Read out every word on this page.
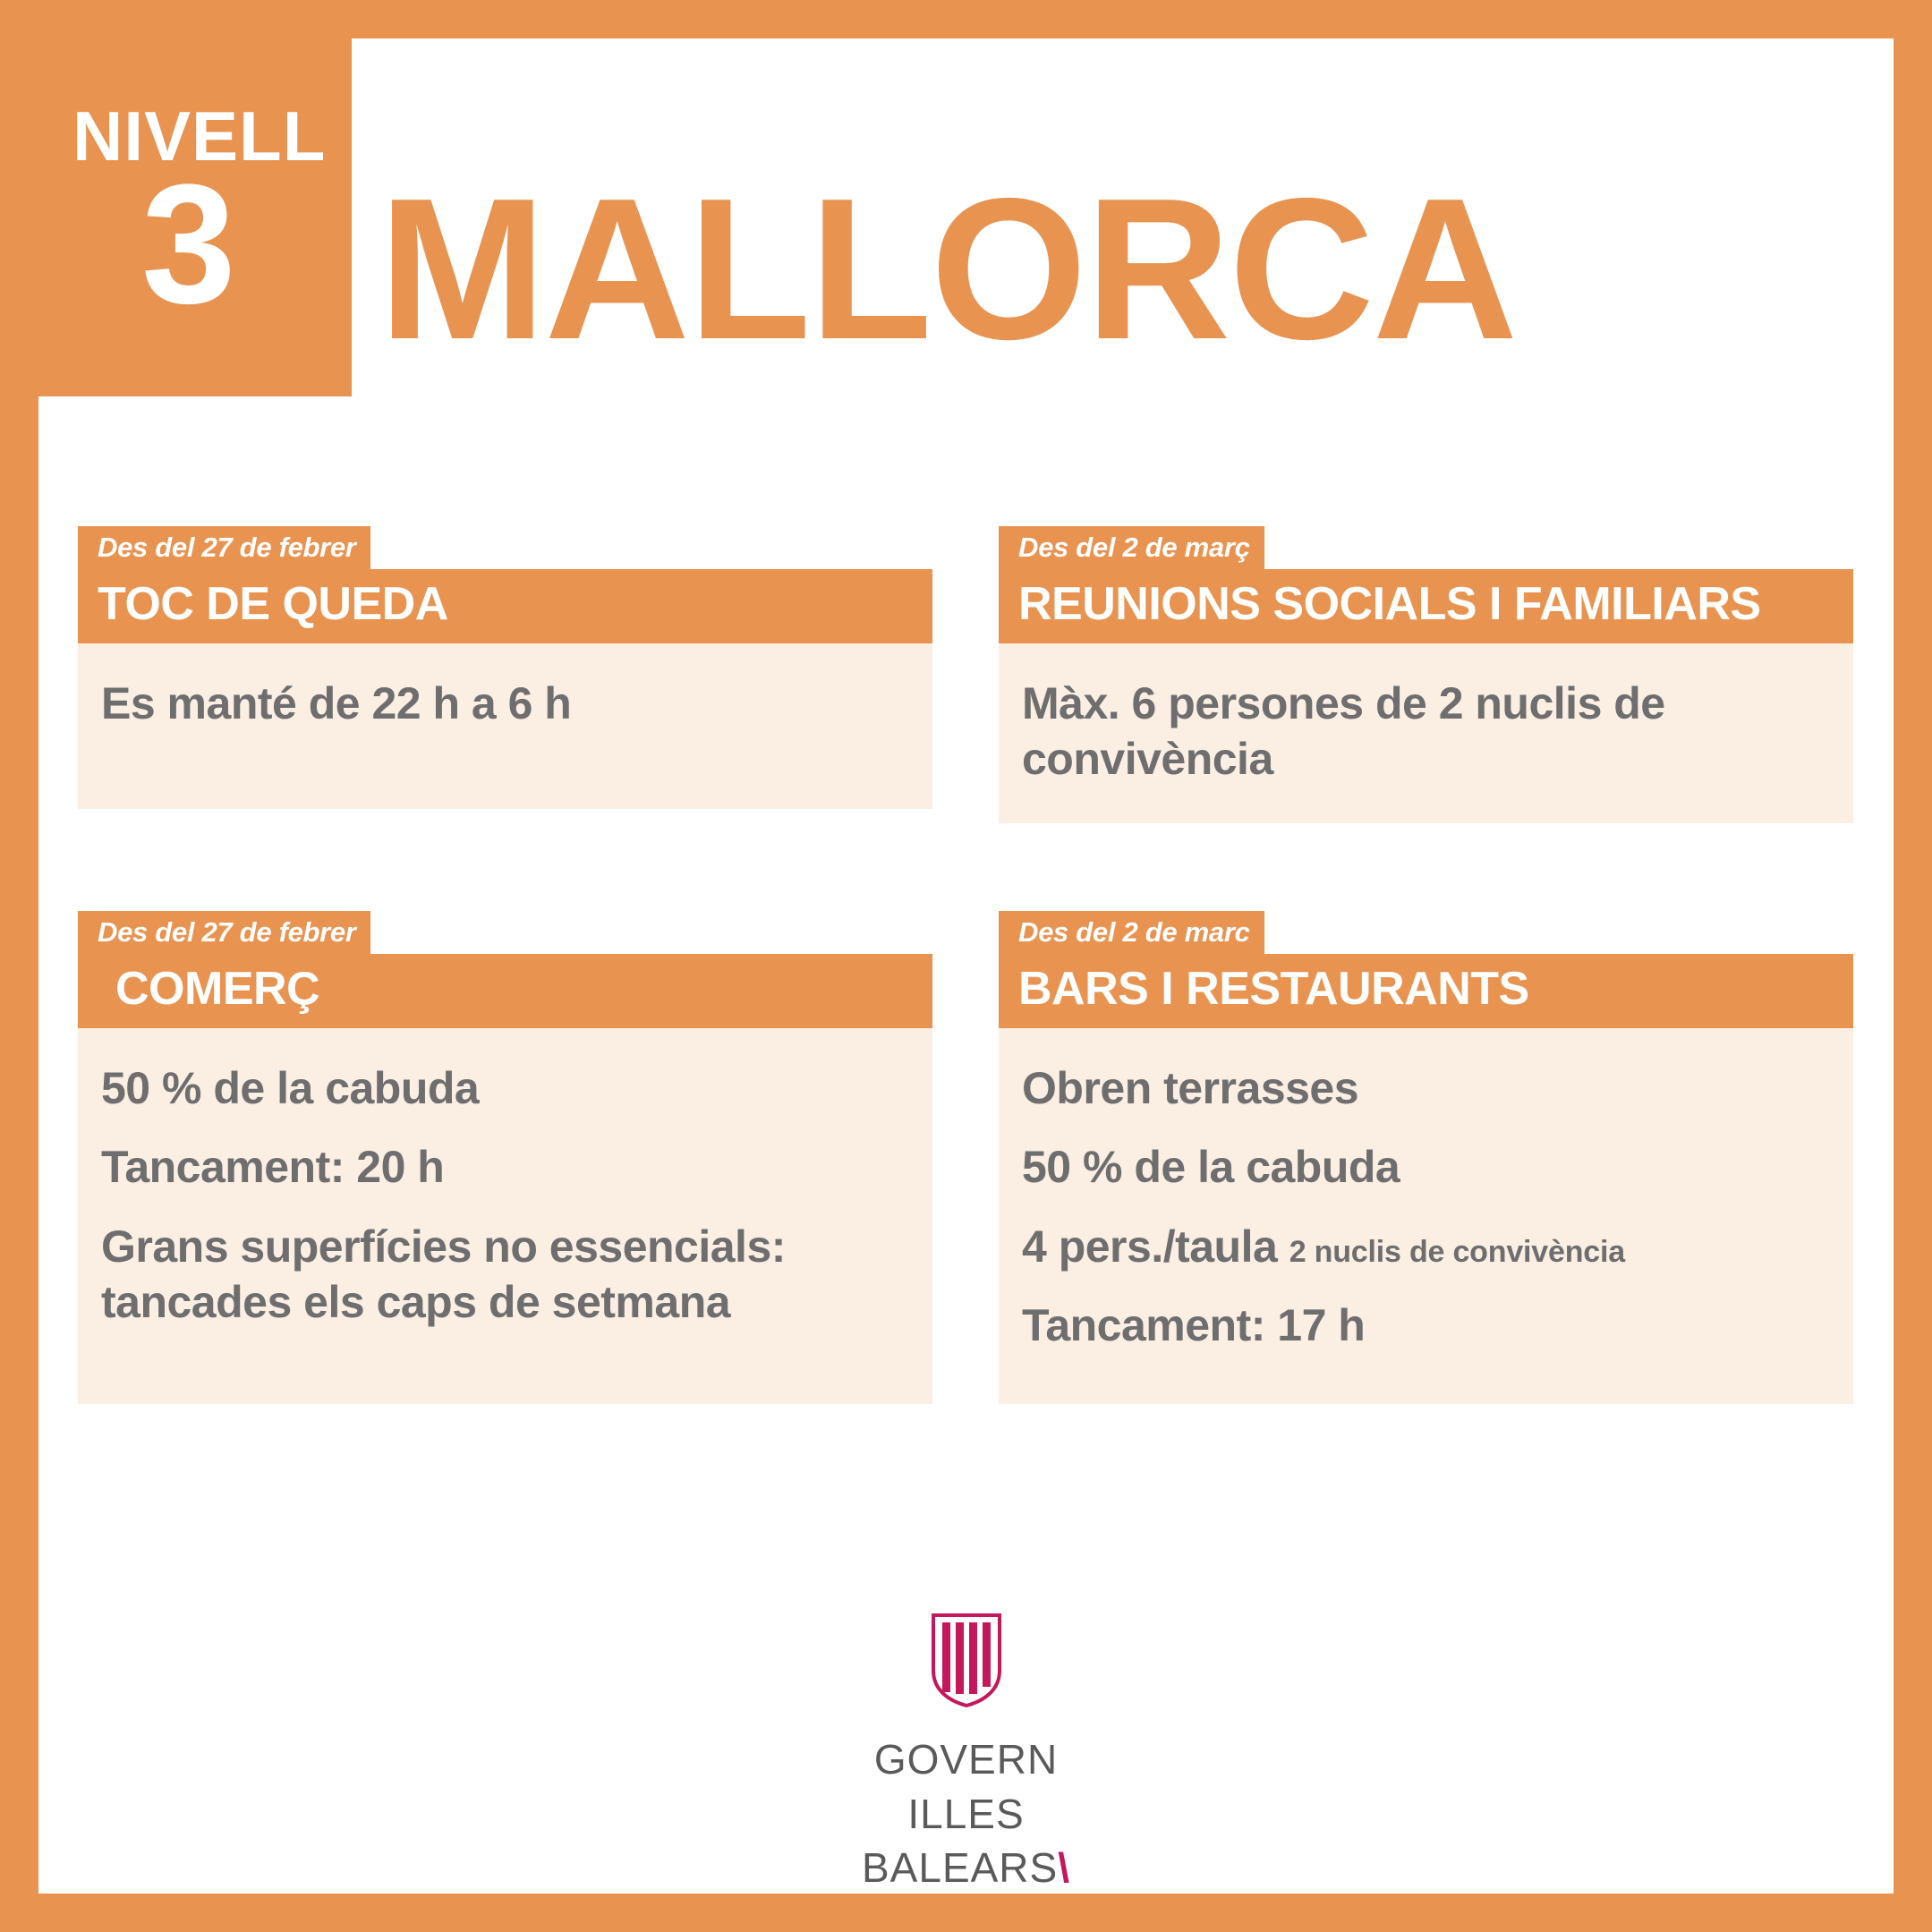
NIVELL
3 MALLORCA
Des del 27 de febrer
TOC DE QUEDA

Es manté de 22 h a 6 h

Des del 2 de març
REUNIONS SOCIALS I FAMILIARS

Màx. 6 persones de 2 nuclis de convivència

Des del 27 de febrer
COMERÇ

50 % de la cabuda

Tancament: 20 h

Grans superfícies no essencials: tancades els caps de setmana

Des del 2 de marc
BARS I RESTAURANTS

Obren terrasses

50 % de la cabuda

4 pers./taula 2 nuclis de convivència

Tancament: 17 h

GOVERN
ILLES
BALEARS\
